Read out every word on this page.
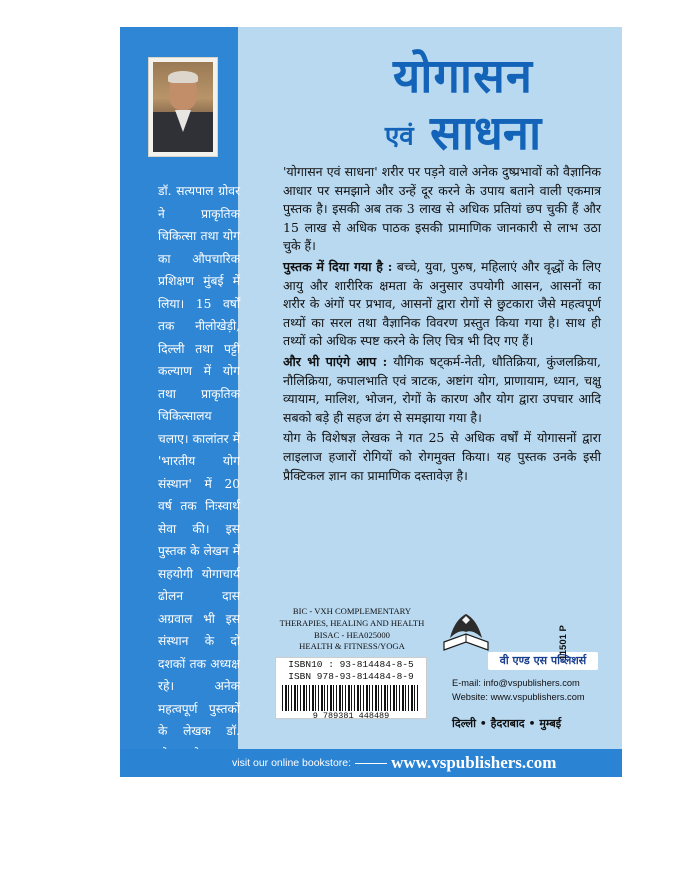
डॉ. सत्यपाल ग्रोवर ने प्राकृतिक चिकित्सा तथा योग का औपचारिक प्रशिक्षण मुंबई में लिया। 15 वर्षों तक नीलोखेड़ी, दिल्ली तथा पट्टी कल्याण में योग तथा प्राकृतिक चिकित्सालय चलाए। कालांतर में 'भारतीय योग संस्थान' में 20 वर्ष तक निःस्वार्थ सेवा की। इस पुस्तक के लेखन में सहयोगी योगाचार्य ढोलन दास अग्रवाल भी इस संस्थान के दो दशकों तक अध्यक्ष रहे। अनेक महत्वपूर्ण पुस्तकों के लेखक डॉ. प्रशिक्षण के लिए सैकड़ों कक्षाएं एवं कैम्प भी आयोजित किए।

योगासन
एवं साधना

'योगासन एवं साधना' शरीर पर पड़ने वाले अनेक दुष्प्रभावों को वैज्ञानिक आधार पर समझाने और उन्हें दूर करने के उपाय बताने वाली एकमात्र पुस्तक है। इसकी अब तक 3 लाख से अधिक प्रतियां छप चुकी हैं और 15 लाख से अधिक पाठक इसकी प्रामाणिक जानकारी से लाभ उठा चुके हैं।

पुस्तक में दिया गया है : बच्चे, युवा, पुरुष, महिलाएं और वृद्धों के लिए आयु और शारीरिक क्षमता के अनुसार उपयोगी आसन, आसनों का शरीर के अंगों पर प्रभाव, आसनों द्वारा रोगों से छुटकारा जैसे महत्वपूर्ण तथ्यों का सरल तथा वैज्ञानिक विवरण प्रस्तुत किया गया है। साथ ही तथ्यों को अधिक स्पष्ट करने के लिए चित्र भी दिए गए हैं।

और भी पाएंगे आप : यौगिक षट्कर्म-नेती, धौतिक्रिया, कुंजलक्रिया, नौलिक्रिया, कपालभाति एवं त्राटक, अष्टांग योग, प्राणायाम, ध्यान, चक्षु व्यायाम, मालिश, भोजन, रोगों के कारण और योग द्वारा उपचार आदि सबको बड़े ही सहज ढंग से समझाया गया है।

योग के विशेषज्ञ लेखक ने गत 25 से अधिक वर्षों में योगासनों द्वारा लाइलाज हजारों रोगियों को रोगमुक्त किया। यह पुस्तक उनके इसी प्रैक्टिकल ज्ञान का प्रामाणिक दस्तावेज़ है।

BIC - VXH COMPLEMENTARY
THERAPIES, HEALING AND HEALTH
BISAC - HEA025000
HEALTH & FITNESS/YOGA
ISBN10 : 93-814484-8-5
ISBN 978-93-814484-8-9
9 789381 448489
वी एण्ड एस पब्लिशर्स
E-mail: info@vspublishers.com
Website: www.vspublishers.com
दिल्ली • हैदराबाद • मुम्बई
11501 P
visit our online bookstore: www.vspublishers.com
